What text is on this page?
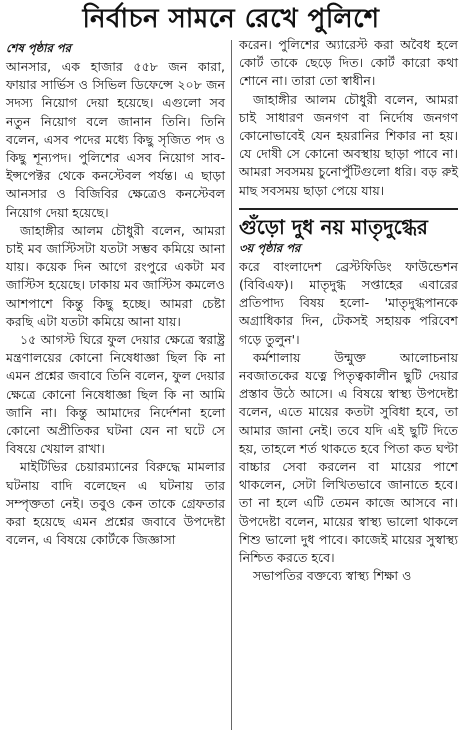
নির্বাচন সামনে রেখে পুলিশে
শেষ পৃষ্ঠার পর

আনসার, এক হাজার ৫৫৮ জন কারা, ফায়ার সার্ভিস ও সিভিল ডিফেন্সে ২০৮ জন সদস্য নিয়োগ দেয়া হয়েছে। এগুলো সব নতুন নিয়োগ বলে জানান তিনি। তিনি বলেন, এসব পদের মধ্যে কিছু সৃজিত পদ ও কিছু শূন্যপদ। পুলিশের এসব নিয়োগ সাব-ইন্সপেক্টর থেকে কনস্টেবল পর্যন্ত। এ ছাড়া আনসার ও বিজিবির ক্ষেত্রেও কনস্টেবল নিয়োগ দেয়া হয়েছে।

জাহাঙ্গীর আলম চৌধুরী বলেন, আমরা চাই মব জাস্টিসটা যতটা সম্ভব কমিয়ে আনা যায়। কয়েক দিন আগে রংপুরে একটা মব জাস্টিস হয়েছে। ঢাকায় মব জাস্টিস কমলেও আশপাশে কিন্তু কিছু হচ্ছে। আমরা চেষ্টা করছি এটা যতটা কমিয়ে আনা যায়।

১৫ আগস্ট ঘিরে ফুল দেয়ার ক্ষেত্রে স্বরাষ্ট্র মন্ত্রণালয়ের কোনো নিষেধাজ্ঞা ছিল কি না এমন প্রশ্নের জবাবে তিনি বলেন, ফুল দেয়ার ক্ষেত্রে কোনো নিষেধাজ্ঞা ছিল কি না আমি জানি না। কিন্তু আমাদের নির্দেশনা হলো কোনো অপ্রীতিকর ঘটনা যেন না ঘটে সে বিষয়ে খেয়াল রাখা।

মাইটিভির চেয়ারম্যানের বিরুদ্ধে মামলার ঘটনায় বাদি বলেছেন এ ঘটনায় তার সম্পৃক্ততা নেই। তবুও কেন তাকে গ্রেফতার করা হয়েছে এমন প্রশ্নের জবাবে উপদেষ্টা বলেন, এ বিষয়ে কোর্টকে জিজ্ঞাসা

করেন। পুলিশের অ্যারেস্ট করা অবৈধ হলে কোর্ট তাকে ছেড়ে দিত। কোর্ট কারো কথা শোনে না। তারা তো স্বাধীন।

জাহাঙ্গীর আলম চৌধুরী বলেন, আমরা চাই সাধারণ জনগণ বা নির্দোষ জনগণ কোনোভাবেই যেন হয়রানির শিকার না হয়। যে দোষী সে কোনো অবস্থায় ছাড়া পাবে না। আমরা সবসময় চুনোপুঁটিগুলো ধরি। বড় রুই মাছ সবসময় ছাড়া পেয়ে যায়।

গুঁড়ো দুধ নয় মাতৃদুগ্ধের
৩য় পৃষ্ঠার পর

করে বাংলাদেশ ব্রেস্টফিডিং ফাউন্ডেশন (বিবিএফ)। মাতৃদুগ্ধ সপ্তাহের এবারের প্রতিপাদ্য বিষয় হলো- 'মাতৃদুগ্ধপানকে অগ্রাধিকার দিন, টেকসই সহায়ক পরিবেশ গড়ে তুলুন'।

কর্মশালায় উন্মুক্ত আলোচনায় নবজাতকের যত্নে পিতৃত্বকালীন ছুটি দেয়ার প্রস্তাব উঠে আসে। এ বিষয়ে স্বাস্থ্য উপদেষ্টা বলেন, এতে মায়ের কতটা সুবিধা হবে, তা আমার জানা নেই। তবে যদি এই ছুটি দিতে হয়, তাহলে শর্ত থাকতে হবে পিতা কত ঘণ্টা বাচ্চার সেবা করলেন বা মায়ের পাশে থাকলেন, সেটা লিখিতভাবে জানাতে হবে। তা না হলে এটি তেমন কাজে আসবে না। উপদেষ্টা বলেন, মায়ের স্বাস্থ্য ভালো থাকলে শিশু ভালো দুধ পাবে। কাজেই মায়ের সুস্বাস্থ্য নিশ্চিত করতে হবে।

সভাপতির বক্তব্যে স্বাস্থ্য শিক্ষা ও
